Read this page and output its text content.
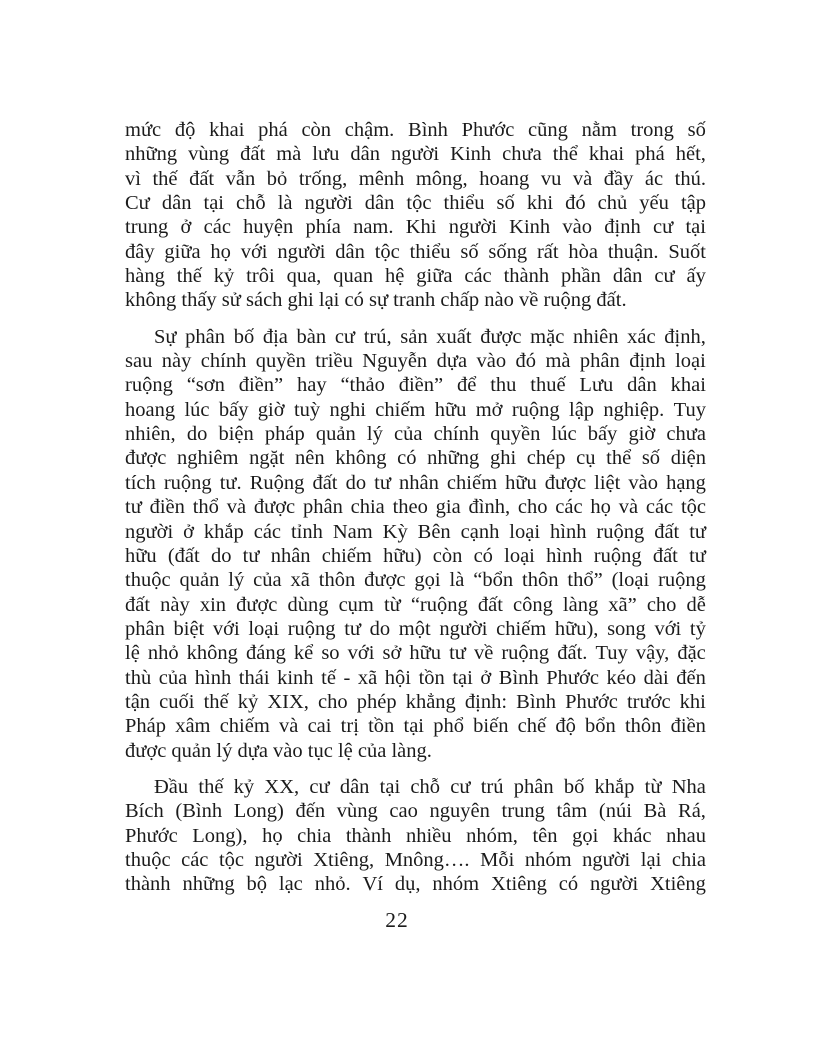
mức độ khai phá còn chậm. Bình Phước cũng nằm trong số
những vùng đất mà lưu dân người Kinh chưa thể khai phá hết,
vì thế đất vẫn bỏ trống, mênh mông, hoang vu và đầy ác thú.
Cư dân tại chỗ là người dân tộc thiểu số khi đó chủ yếu tập
trung ở các huyện phía nam. Khi người Kinh vào định cư tại
đây giữa họ với người dân tộc thiểu số sống rất hòa thuận. Suốt
hàng thế kỷ trôi qua, quan hệ giữa các thành phần dân cư ấy
không thấy sử sách ghi lại có sự tranh chấp nào về ruộng đất.
Sự phân bố địa bàn cư trú, sản xuất được mặc nhiên xác định,
sau này chính quyền triều Nguyễn dựa vào đó mà phân định loại
ruộng “sơn điền” hay “thảo điền” để thu thuế Lưu dân khai
hoang lúc bấy giờ tuỳ nghi chiếm hữu mở ruộng lập nghiệp. Tuy
nhiên, do biện pháp quản lý của chính quyền lúc bấy giờ chưa
được nghiêm ngặt nên không có những ghi chép cụ thể số diện
tích ruộng tư. Ruộng đất do tư nhân chiếm hữu được liệt vào hạng
tư điền thổ và được phân chia theo gia đình, cho các họ và các tộc
người ở khắp các tỉnh Nam Kỳ Bên cạnh loại hình ruộng đất tư
hữu (đất do tư nhân chiếm hữu) còn có loại hình ruộng đất tư
thuộc quản lý của xã thôn được gọi là “bổn thôn thổ” (loại ruộng
đất này xin được dùng cụm từ “ruộng đất công làng xã” cho dễ
phân biệt với loại ruộng tư do một người chiếm hữu), song với tỷ
lệ nhỏ không đáng kể so với sở hữu tư về ruộng đất. Tuy vậy, đặc
thù của hình thái kinh tế - xã hội tồn tại ở Bình Phước kéo dài đến
tận cuối thế kỷ XIX, cho phép khẳng định: Bình Phước trước khi
Pháp xâm chiếm và cai trị tồn tại phổ biến chế độ bổn thôn điền
được quản lý dựa vào tục lệ của làng.
Đầu thế kỷ XX, cư dân tại chỗ cư trú phân bố khắp từ Nha
Bích (Bình Long) đến vùng cao nguyên trung tâm (núi Bà Rá,
Phước Long), họ chia thành nhiều nhóm, tên gọi khác nhau
thuộc các tộc người Xtiêng, Mnông…. Mỗi nhóm người lại chia
thành những bộ lạc nhỏ. Ví dụ, nhóm Xtiêng có người Xtiêng
22
